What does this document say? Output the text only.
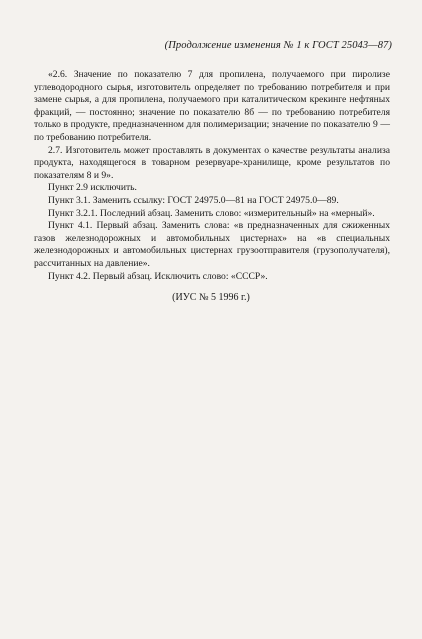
(Продолжение изменения № 1 к ГОСТ 25043—87)

«2.6. Значение по показателю 7 для пропилена, получаемого при пиролизе углеводородного сырья, изготовитель определяет по требованию потребителя и при замене сырья, а для пропилена, получаемого при каталитическом крекинге нефтяных фракций, — постоянно; значение по показателю 8б — по требованию потребителя только в продукте, предназначенном для полимеризации; значение по показателю 9 — по требованию потребителя.

2.7. Изготовитель может проставлять в документах о качестве результаты анализа продукта, находящегося в товарном резервуаре-хранилище, кроме результатов по показателям 8 и 9».

Пункт 2.9 исключить.

Пункт 3.1. Заменить ссылку: ГОСТ 24975.0—81 на ГОСТ 24975.0—89.

Пункт 3.2.1. Последний абзац. Заменить слово: «измерительный» на «мерный».

Пункт 4.1. Первый абзац. Заменить слова: «в предназначенных для сжиженных газов железнодорожных и автомобильных цистернах» на «в специальных железнодорожных и автомобильных цистернах грузоотправителя (грузополучателя), рассчитанных на давление».

Пункт 4.2. Первый абзац. Исключить слово: «СССР».

(ИУС № 5 1996 г.)
